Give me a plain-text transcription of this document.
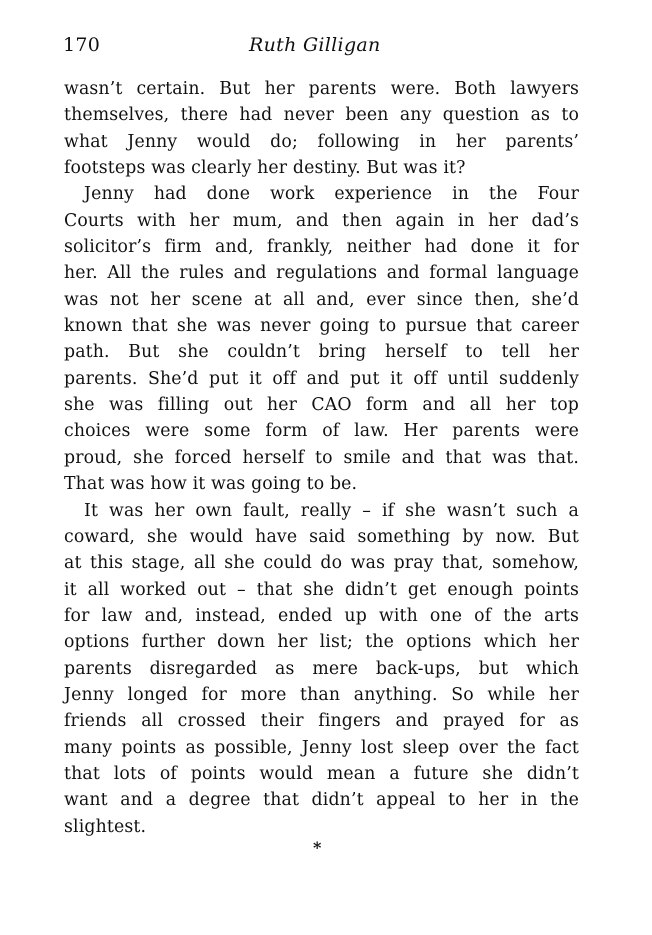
170	Ruth Gilligan
wasn’t certain. But her parents were. Both lawyers
themselves, there had never been any question as to
what Jenny would do; following in her parents’
footsteps was clearly her destiny. But was it?
Jenny had done work experience in the Four
Courts with her mum, and then again in her dad’s
solicitor’s firm and, frankly, neither had done it for
her. All the rules and regulations and formal language
was not her scene at all and, ever since then, she’d
known that she was never going to pursue that career
path. But she couldn’t bring herself to tell her
parents. She’d put it off and put it off until suddenly
she was filling out her CAO form and all her top
choices were some form of law. Her parents were
proud, she forced herself to smile and that was that.
That was how it was going to be.
It was her own fault, really – if she wasn’t such a
coward, she would have said something by now. But
at this stage, all she could do was pray that, somehow,
it all worked out – that she didn’t get enough points
for law and, instead, ended up with one of the arts
options further down her list; the options which her
parents disregarded as mere back-ups, but which
Jenny longed for more than anything. So while her
friends all crossed their fingers and prayed for as
many points as possible, Jenny lost sleep over the fact
that lots of points would mean a future she didn’t
want and a degree that didn’t appeal to her in the
slightest.
*
